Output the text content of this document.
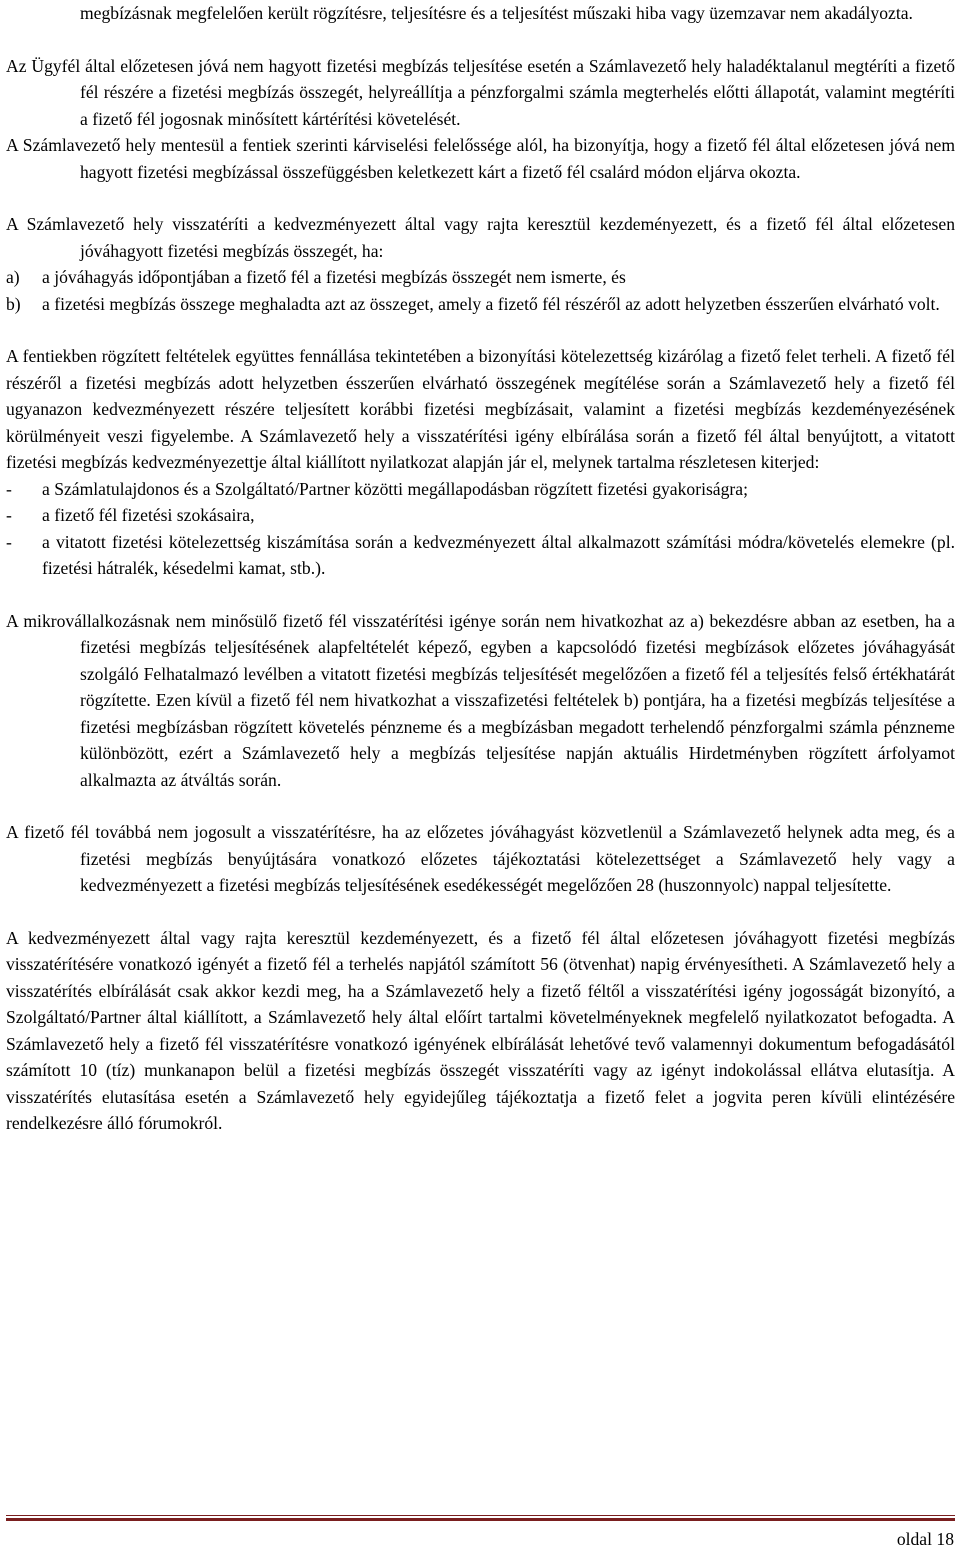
megbízásnak megfelelően került rögzítésre, teljesítésre és a teljesítést műszaki hiba vagy üzemzavar nem akadályozta.

Az Ügyfél által előzetesen jóvá nem hagyott fizetési megbízás teljesítése esetén a Számlavezető hely haladéktalanul megtéríti a fizető fél részére a fizetési megbízás összegét, helyreállítja a pénzforgalmi számla megterhelés előtti állapotát, valamint megtéríti a fizető fél jogosnak minősített kártérítési követelését.

A Számlavezető hely mentesül a fentiek szerinti kárviselési felelőssége alól, ha bizonyítja, hogy a fizető fél által előzetesen jóvá nem hagyott fizetési megbízással összefüggésben keletkezett kárt a fizető fél csalárd módon eljárva okozta.

A Számlavezető hely visszatéríti a kedvezményezett által vagy rajta keresztül kezdeményezett, és a fizető fél által előzetesen jóváhagyott fizetési megbízás összegét, ha:

a)	a jóváhagyás időpontjában a fizető fél a fizetési megbízás összegét nem ismerte, és
b)	a fizetési megbízás összege meghaladta azt az összeget, amely a fizető fél részéről az adott helyzetben ésszerűen elvárható volt.

A fentiekben rögzített feltételek együttes fennállása tekintetében a bizonyítási kötelezettség kizárólag a fizető felet terheli. A fizető fél részéről a fizetési megbízás adott helyzetben ésszerűen elvárható összegének megítélése során a Számlavezető hely a fizető fél ugyanazon kedvezményezett részére teljesített korábbi fizetési megbízásait, valamint a fizetési megbízás kezdeményezésének körülményeit veszi figyelembe. A Számlavezető hely a visszatérítési igény elbírálása során a fizető fél által benyújtott, a vitatott fizetési megbízás kedvezményezettje által kiállított nyilatkozat alapján jár el, melynek tartalma részletesen kiterjed:

-	a Számlatulajdonos és a Szolgáltató/Partner közötti megállapodásban rögzített fizetési gyakoriságra;
-	a fizető fél fizetési szokásaira,
-	a vitatott fizetési kötelezettség kiszámítása során a kedvezményezett által alkalmazott számítási módra/követelés elemekre (pl. fizetési hátralék, késedelmi kamat, stb.).

A mikrovállalkozásnak nem minősülő fizető fél visszatérítési igénye során nem hivatkozhat az a) bekezdésre abban az esetben, ha a fizetési megbízás teljesítésének alapfeltételét képező, egyben a kapcsolódó fizetési megbízások előzetes jóváhagyását szolgáló Felhatalmazó levélben a vitatott fizetési megbízás teljesítését megelőzően a fizető fél a teljesítés felső értékhatárát rögzítette. Ezen kívül a fizető fél nem hivatkozhat a visszafizetési feltételek b) pontjára, ha a fizetési megbízás teljesítése a fizetési megbízásban rögzített követelés pénzneme és a megbízásban megadott terhelendő pénzforgalmi számla pénzneme különbözött, ezért a Számlavezető hely a megbízás teljesítése napján aktuális Hirdetményben rögzített árfolyamot alkalmazta az átváltás során.

A fizető fél továbbá nem jogosult a visszatérítésre, ha az előzetes jóváhagyást közvetlenül a Számlavezető helynek adta meg, és a fizetési megbízás benyújtására vonatkozó előzetes tájékoztatási kötelezettséget a Számlavezető hely vagy a kedvezményezett a fizetési megbízás teljesítésének esedékességét megelőzően 28 (huszonnyolc) nappal teljesítette.

A kedvezményezett által vagy rajta keresztül kezdeményezett, és a fizető fél által előzetesen jóváhagyott fizetési megbízás visszatérítésére vonatkozó igényét a fizető fél a terhelés napjától számított 56 (ötvenhat) napig érvényesítheti. A Számlavezető hely a visszatérítés elbírálását csak akkor kezdi meg, ha a Számlavezető hely a fizető féltől a visszatérítési igény jogosságát bizonyító, a Szolgáltató/Partner által kiállított, a Számlavezető hely által előírt tartalmi követelményeknek megfelelő nyilatkozatot befogadta. A Számlavezető hely a fizető fél visszatérítésre vonatkozó igényének elbírálását lehetővé tevő valamennyi dokumentum befogadásától számított 10 (tíz) munkanapon belül a fizetési megbízás összegét visszatéríti vagy az igényt indokolással ellátva elutasítja. A visszatérítés elutasítása esetén a Számlavezető hely egyidejűleg tájékoztatja a fizető felet a jogvita peren kívüli elintézésére rendelkezésre álló fórumokról.

oldal 18
